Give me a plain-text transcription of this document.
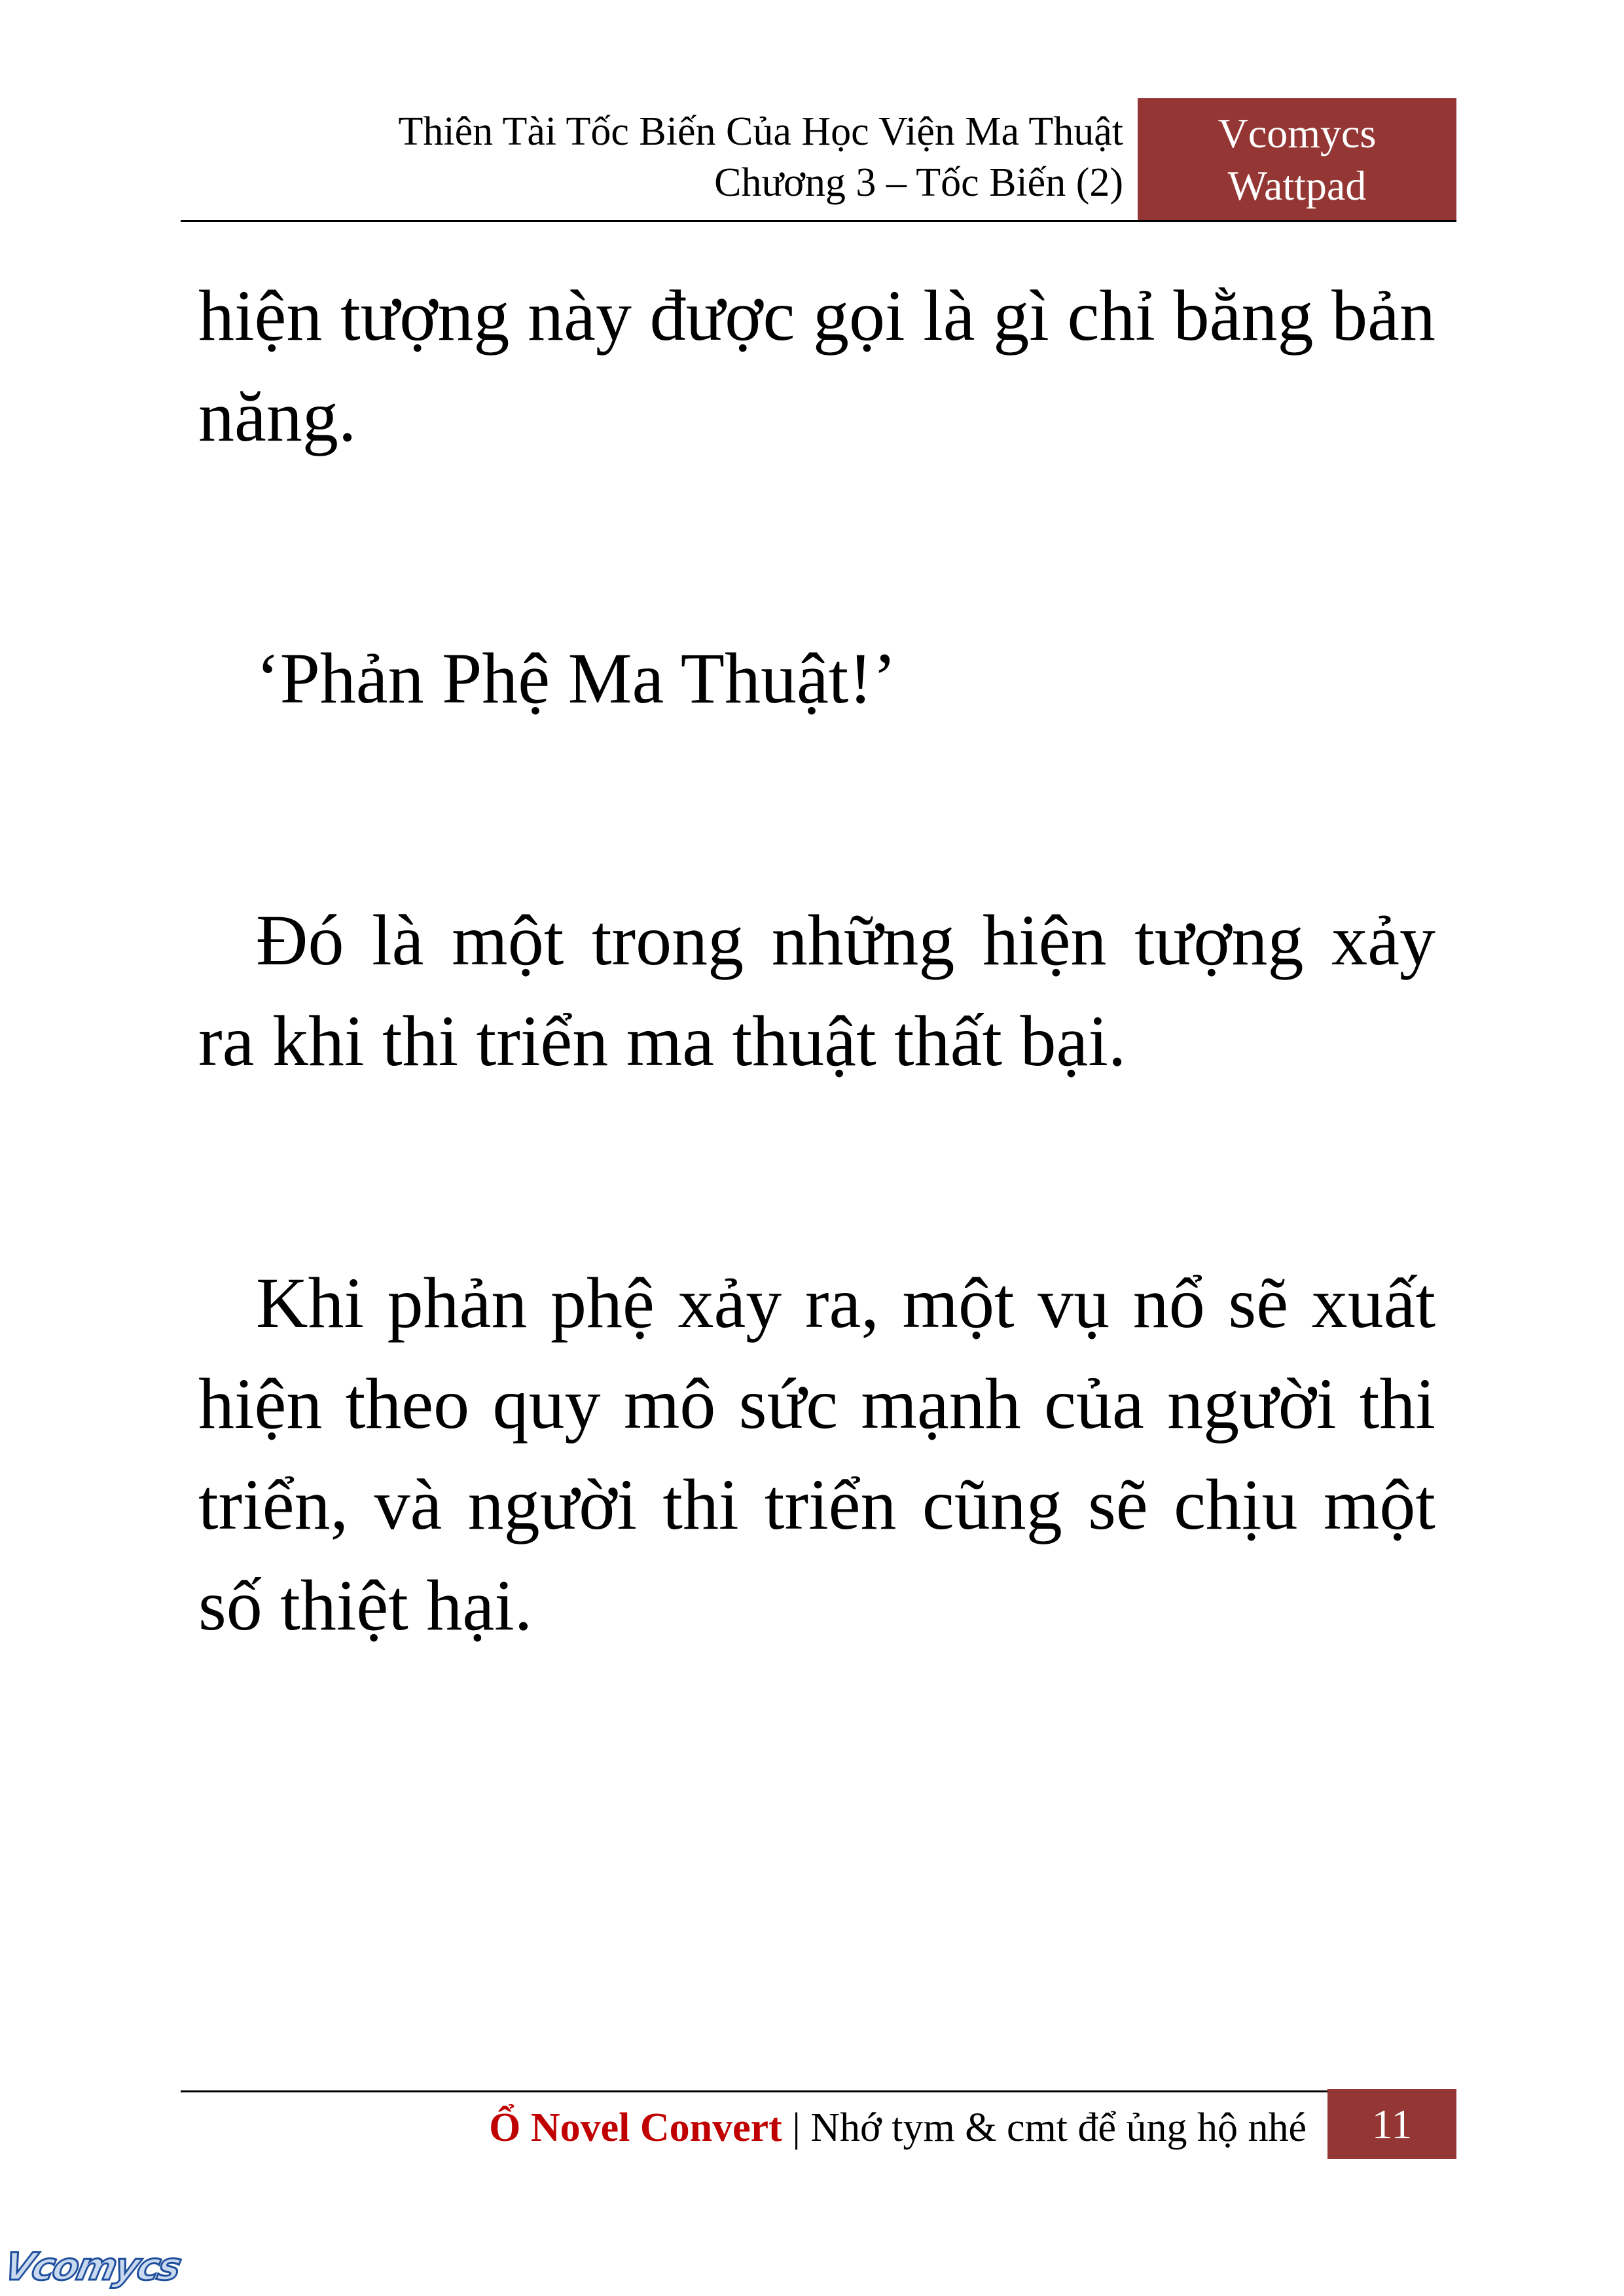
Thiên Tài Tốc Biến Của Học Viện Ma Thuật
Chương 3 – Tốc Biến (2)
Vcomycs
Wattpad

hiện tượng này được gọi là gì chỉ bằng bản năng.

‘Phản Phệ Ma Thuật!’

Đó là một trong những hiện tượng xảy ra khi thi triển ma thuật thất bại.

Khi phản phệ xảy ra, một vụ nổ sẽ xuất hiện theo quy mô sức mạnh của người thi triển, và người thi triển cũng sẽ chịu một số thiệt hại.

Ổ Novel Convert | Nhớ tym & cmt để ủng hộ nhé	11
Vcomycs
